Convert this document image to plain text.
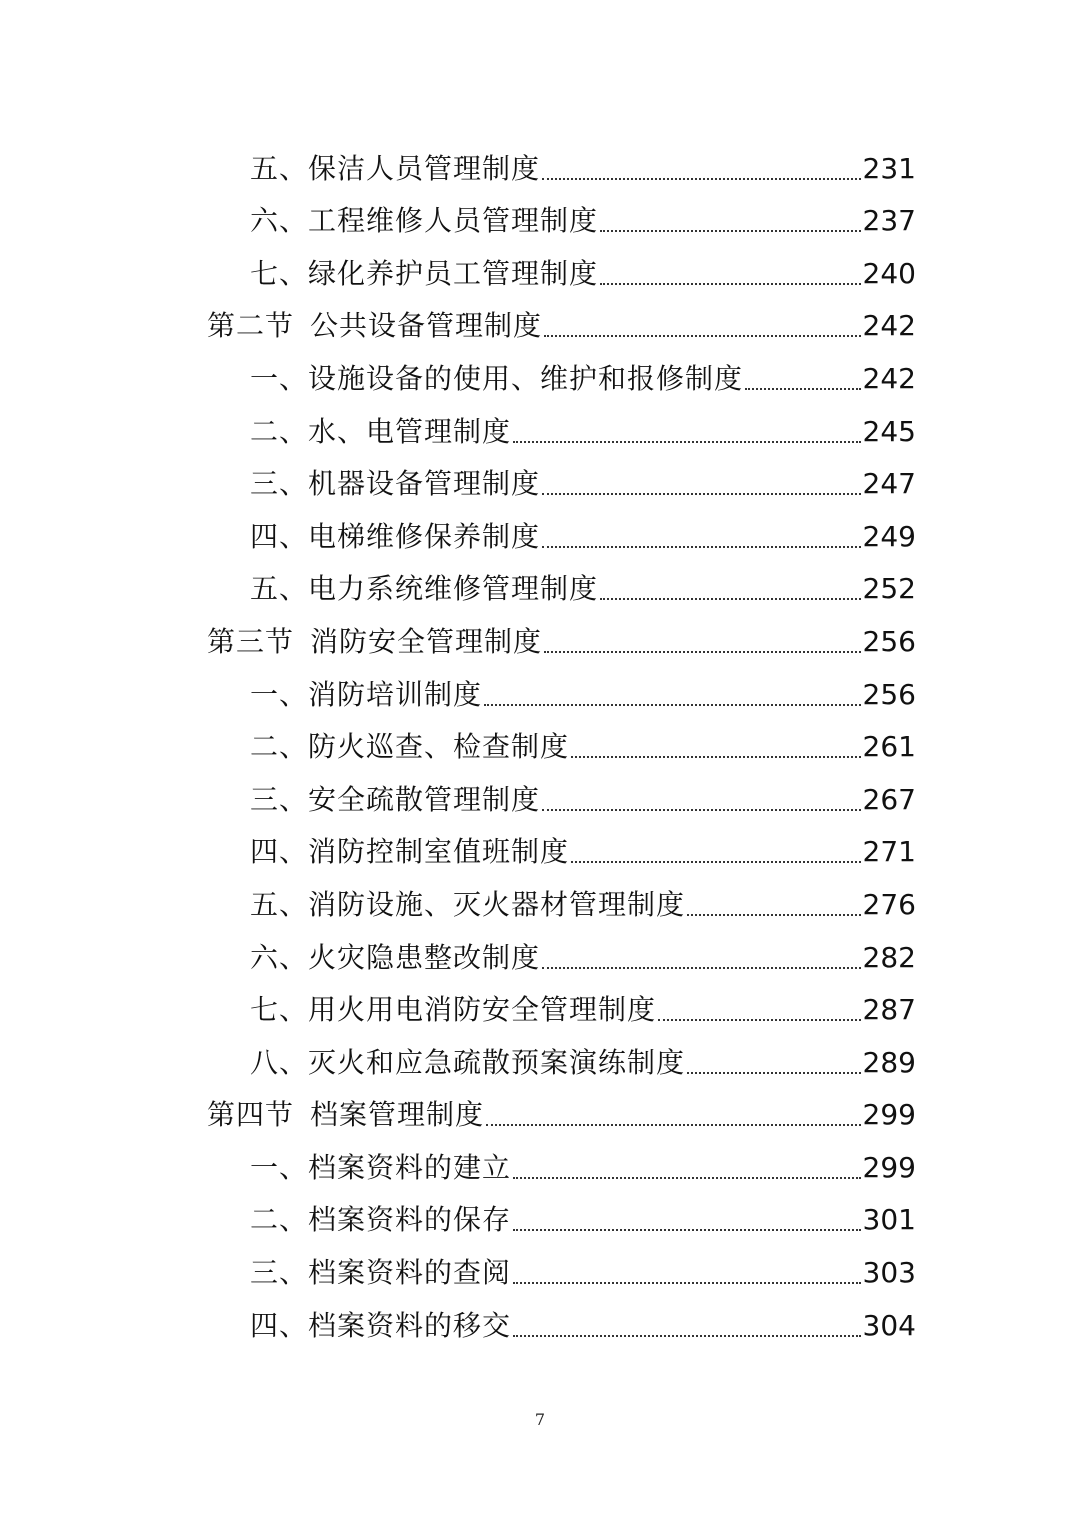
五、保洁人员管理制度	231
六、工程维修人员管理制度	237
七、绿化养护员工管理制度	240
第二节 公共设备管理制度	242
一、设施设备的使用、维护和报修制度	242
二、水、电管理制度	245
三、机器设备管理制度	247
四、电梯维修保养制度	249
五、电力系统维修管理制度	252
第三节 消防安全管理制度	256
一、消防培训制度	256
二、防火巡查、检查制度	261
三、安全疏散管理制度	267
四、消防控制室值班制度	271
五、消防设施、灭火器材管理制度	276
六、火灾隐患整改制度	282
七、用火用电消防安全管理制度	287
八、灭火和应急疏散预案演练制度	289
第四节 档案管理制度	299
一、档案资料的建立	299
二、档案资料的保存	301
三、档案资料的查阅	303
四、档案资料的移交	304
7
